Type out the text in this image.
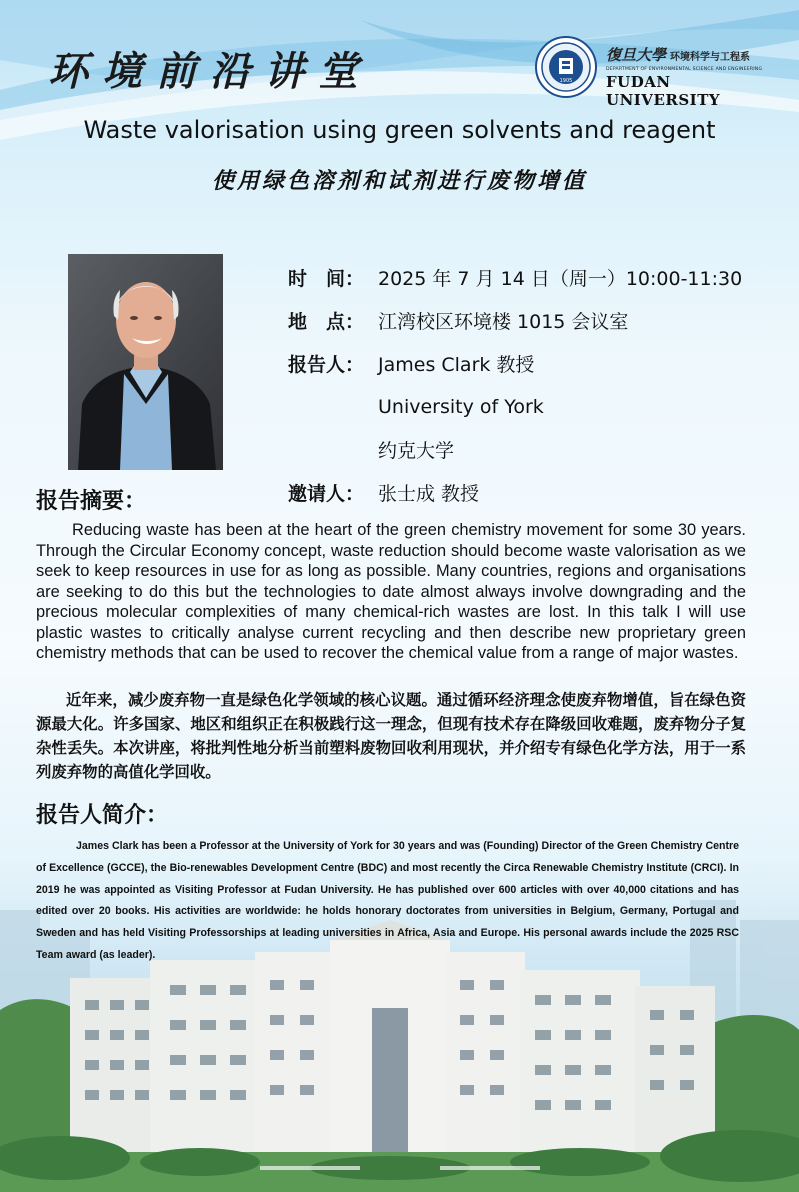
环境前沿讲堂	1905
復旦大學 环境科学与工程系
DEPARTMENT OF ENVIRONMENTAL SCIENCE AND ENGINEERING
FUDAN UNIVERSITY
Waste valorisation using green solvents and reagent
使用绿色溶剂和试剂进行废物增值
时　间： 2025 年 7 月 14 日（周一）10:00-11:30
地　点： 江湾校区环境楼 1015 会议室
报告人： James Clark 教授
University of York
约克大学
邀请人： 张士成 教授
报告摘要：
Reducing waste has been at the heart of the green chemistry movement for some 30 years. Through the Circular Economy concept, waste reduction should become waste valorisation as we seek to keep resources in use for as long as possible. Many countries, regions and organisations are seeking to do this but the technologies to date almost always involve downgrading and the precious molecular complexities of many chemical-rich wastes are lost. In this talk I will use plastic wastes to critically analyse current recycling and then describe new proprietary green chemistry methods that can be used to recover the chemical value from a range of major wastes.
近年来，减少废弃物一直是绿色化学领域的核心议题。通过循环经济理念使废弃物增值，旨在绿色资源最大化。许多国家、地区和组织正在积极践行这一理念，但现有技术存在降级回收难题，废弃物分子复杂性丢失。本次讲座，将批判性地分析当前塑料废物回收利用现状，并介绍专有绿色化学方法，用于一系列废弃物的高值化学回收。
报告人简介：
James Clark has been a Professor at the University of York for 30 years and was (Founding) Director of the Green Chemistry Centre of Excellence (GCCE), the Bio-renewables Development Centre (BDC) and most recently the Circa Renewable Chemistry Institute (CRCI). In 2019 he was appointed as Visiting Professor at Fudan University. He has published over 600 articles with over 40,000 citations and has edited over 20 books. His activities are worldwide: he holds honorary doctorates from universities in Belgium, Germany, Portugal and Sweden and has held Visiting Professorships at leading universities in Africa, Asia and Europe. His personal awards include the 2025 RSC Team award (as leader).
